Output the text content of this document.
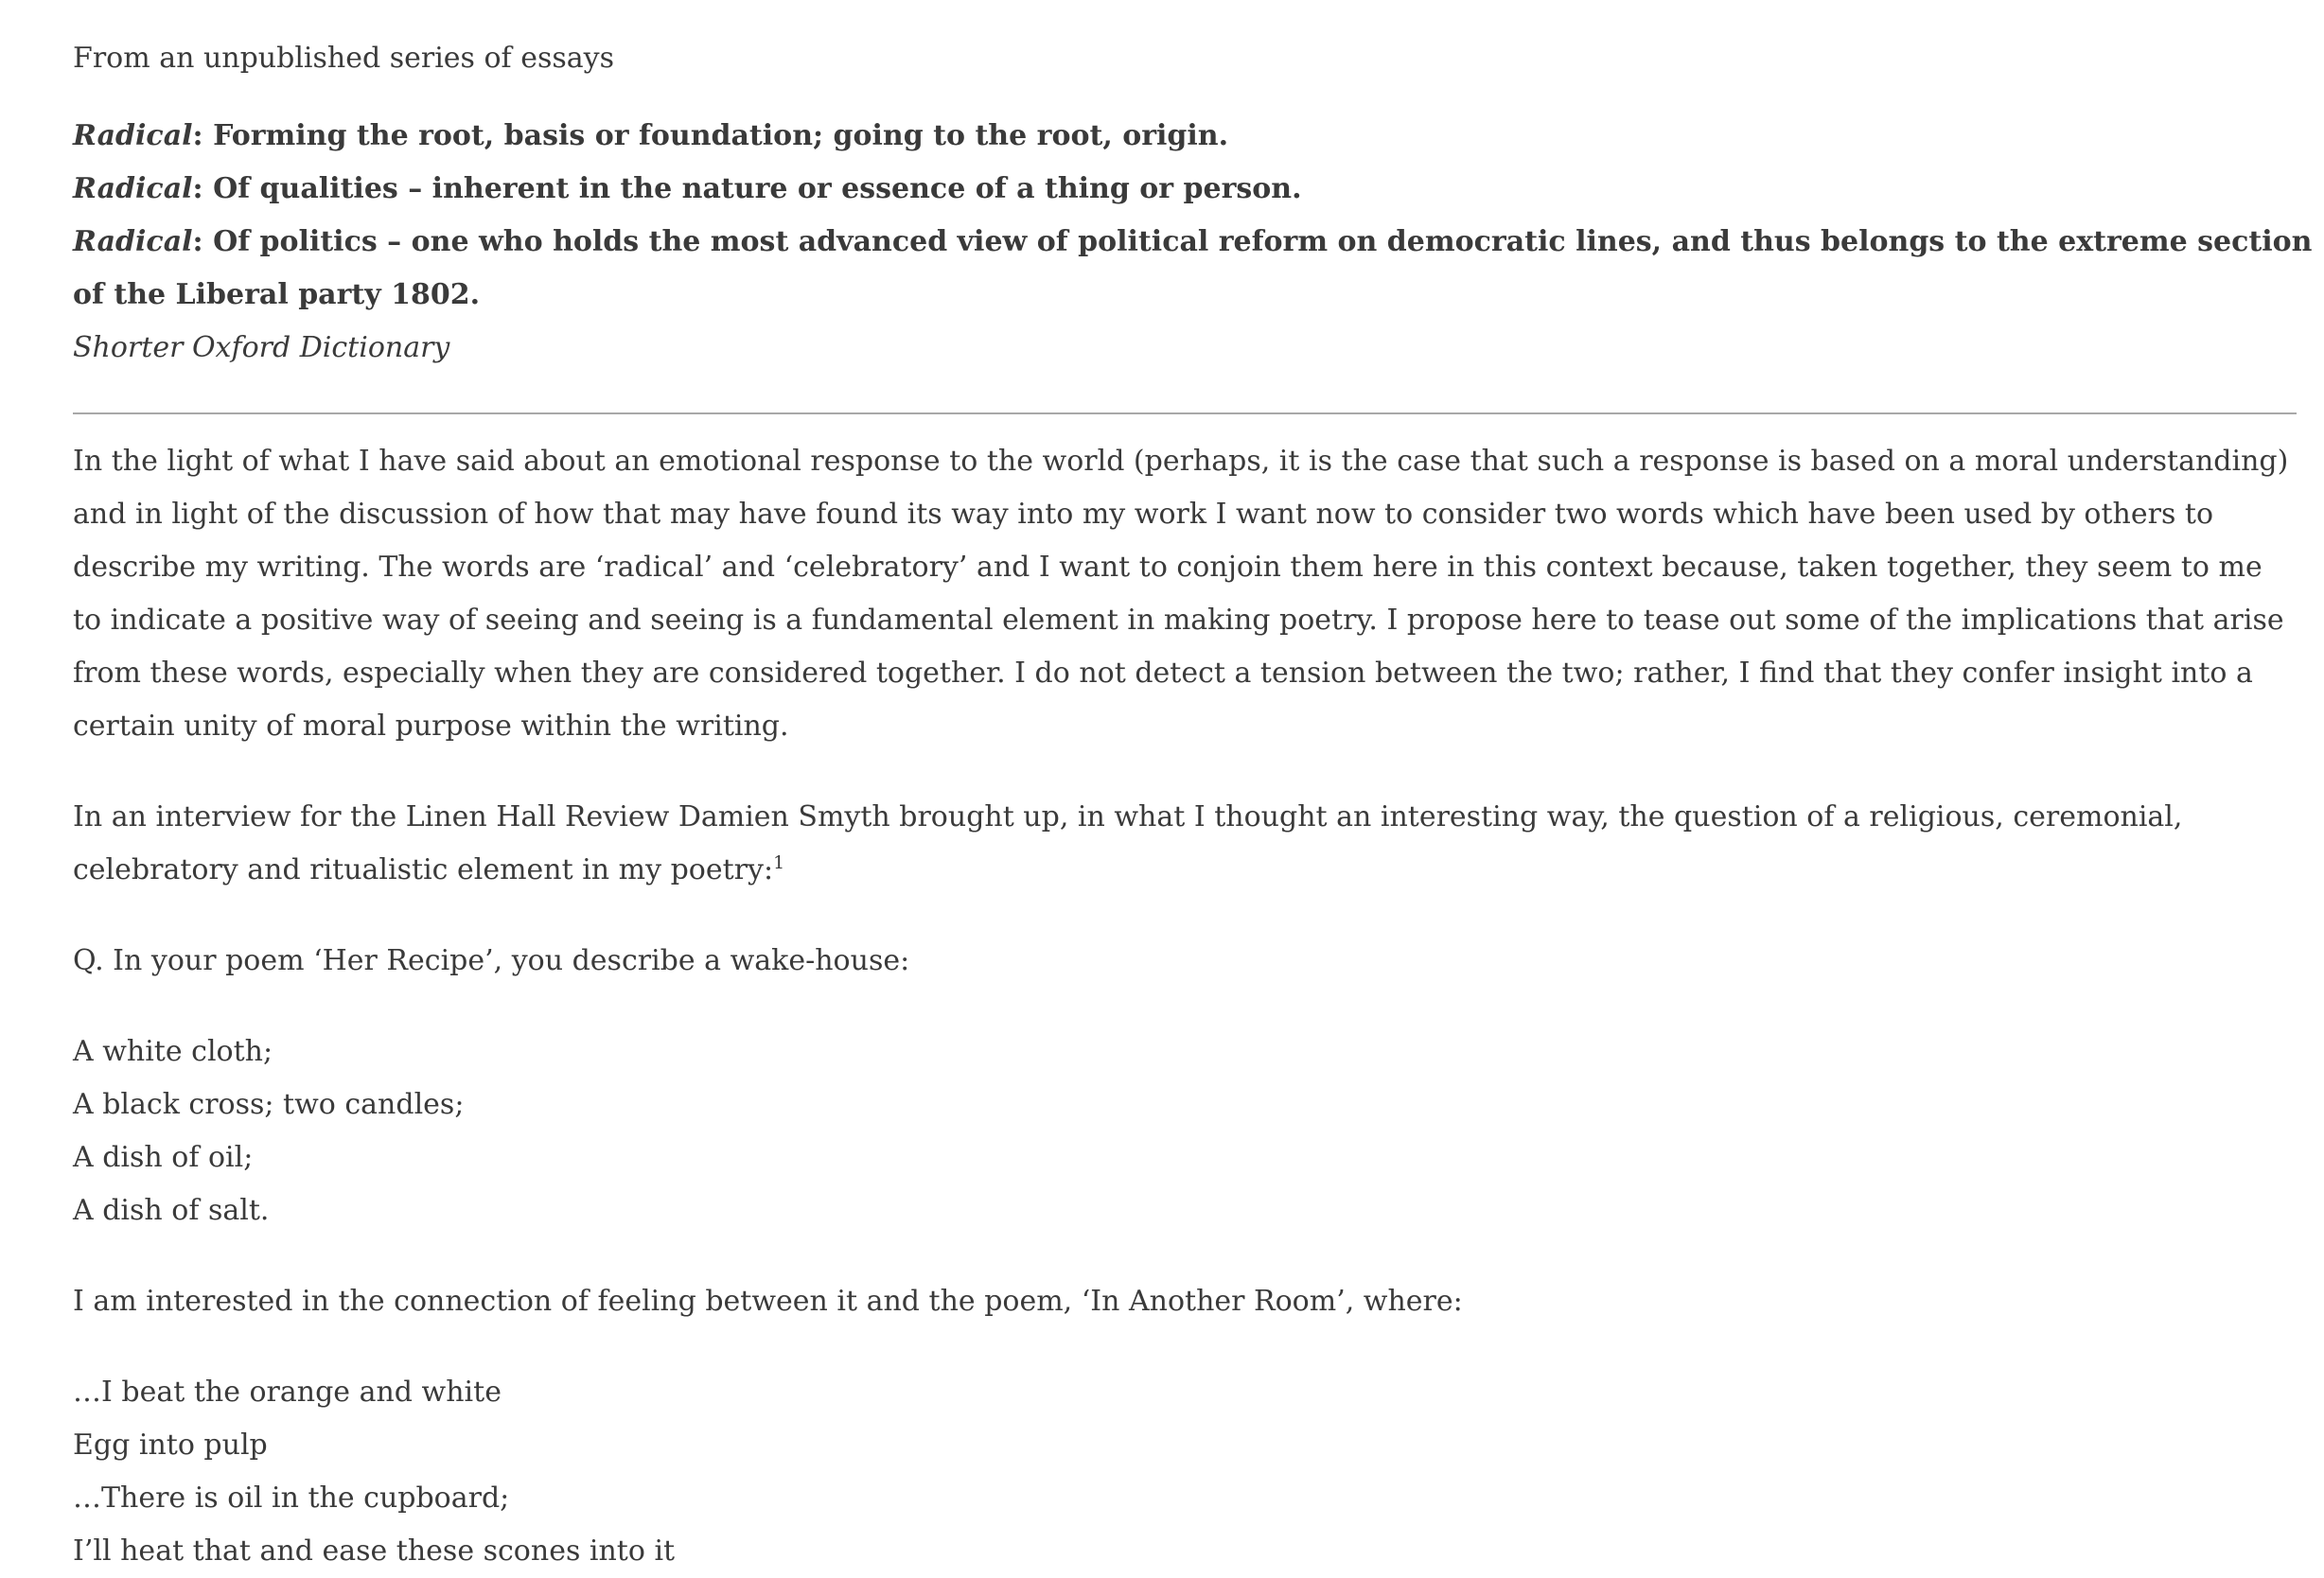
From an unpublished series of essays
Radical: Forming the root, basis or foundation; going to the root, origin.
Radical: Of qualities – inherent in the nature or essence of a thing or person.
Radical: Of politics – one who holds the most advanced view of political reform on democratic lines, and thus belongs to the extreme section of the Liberal party 1802.
Shorter Oxford Dictionary

In the light of what I have said about an emotional response to the world (perhaps, it is the case that such a response is based on a moral understanding) and in light of the discussion of how that may have found its way into my work I want now to consider two words which have been used by others to describe my writing. The words are ‘radical’ and ‘celebratory’ and I want to conjoin them here in this context because, taken together, they seem to me to indicate a positive way of seeing and seeing is a fundamental element in making poetry. I propose here to tease out some of the implications that arise from these words, especially when they are considered together. I do not detect a tension between the two; rather, I find that they confer insight into a certain unity of moral purpose within the writing.

In an interview for the Linen Hall Review Damien Smyth brought up, in what I thought an interesting way, the question of a religious, ceremonial, celebratory and ritualistic element in my poetry:$^1$

Q. In your poem ‘Her Recipe’, you describe a wake-house:

A white cloth;
A black cross; two candles;
A dish of oil;
A dish of salt.

I am interested in the connection of feeling between it and the poem, ‘In Another Room’, where:

…I beat the orange and white
Egg into pulp
…There is oil in the cupboard;
I’ll heat that and ease these scones into it
